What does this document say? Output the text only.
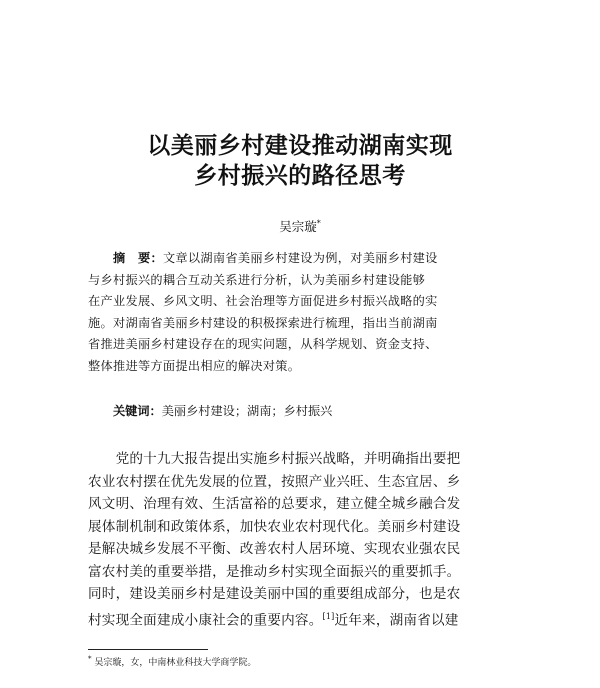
以美丽乡村建设推动湖南实现
乡村振兴的路径思考
吴宗璇*
　　摘　要：文章以湖南省美丽乡村建设为例，对美丽乡村建设
与乡村振兴的耦合互动关系进行分析，认为美丽乡村建设能够
在产业发展、乡风文明、社会治理等方面促进乡村振兴战略的实
施。对湖南省美丽乡村建设的积极探索进行梳理，指出当前湖南
省推进美丽乡村建设存在的现实问题，从科学规划、资金支持、
整体推进等方面提出相应的解决对策。
关键词：美丽乡村建设；湖南；乡村振兴
　　党的十九大报告提出实施乡村振兴战略，并明确指出要把
农业农村摆在优先发展的位置，按照产业兴旺、生态宜居、乡
风文明、治理有效、生活富裕的总要求，建立健全城乡融合发
展体制机制和政策体系，加快农业农村现代化。美丽乡村建设
是解决城乡发展不平衡、改善农村人居环境、实现农业强农民
富农村美的重要举措，是推动乡村实现全面振兴的重要抓手。
同时，建设美丽乡村是建设美丽中国的重要组成部分，也是农
村实现全面建成小康社会的重要内容。[1]近年来，湖南省以建
* 吴宗璇，女，中南林业科技大学商学院。
